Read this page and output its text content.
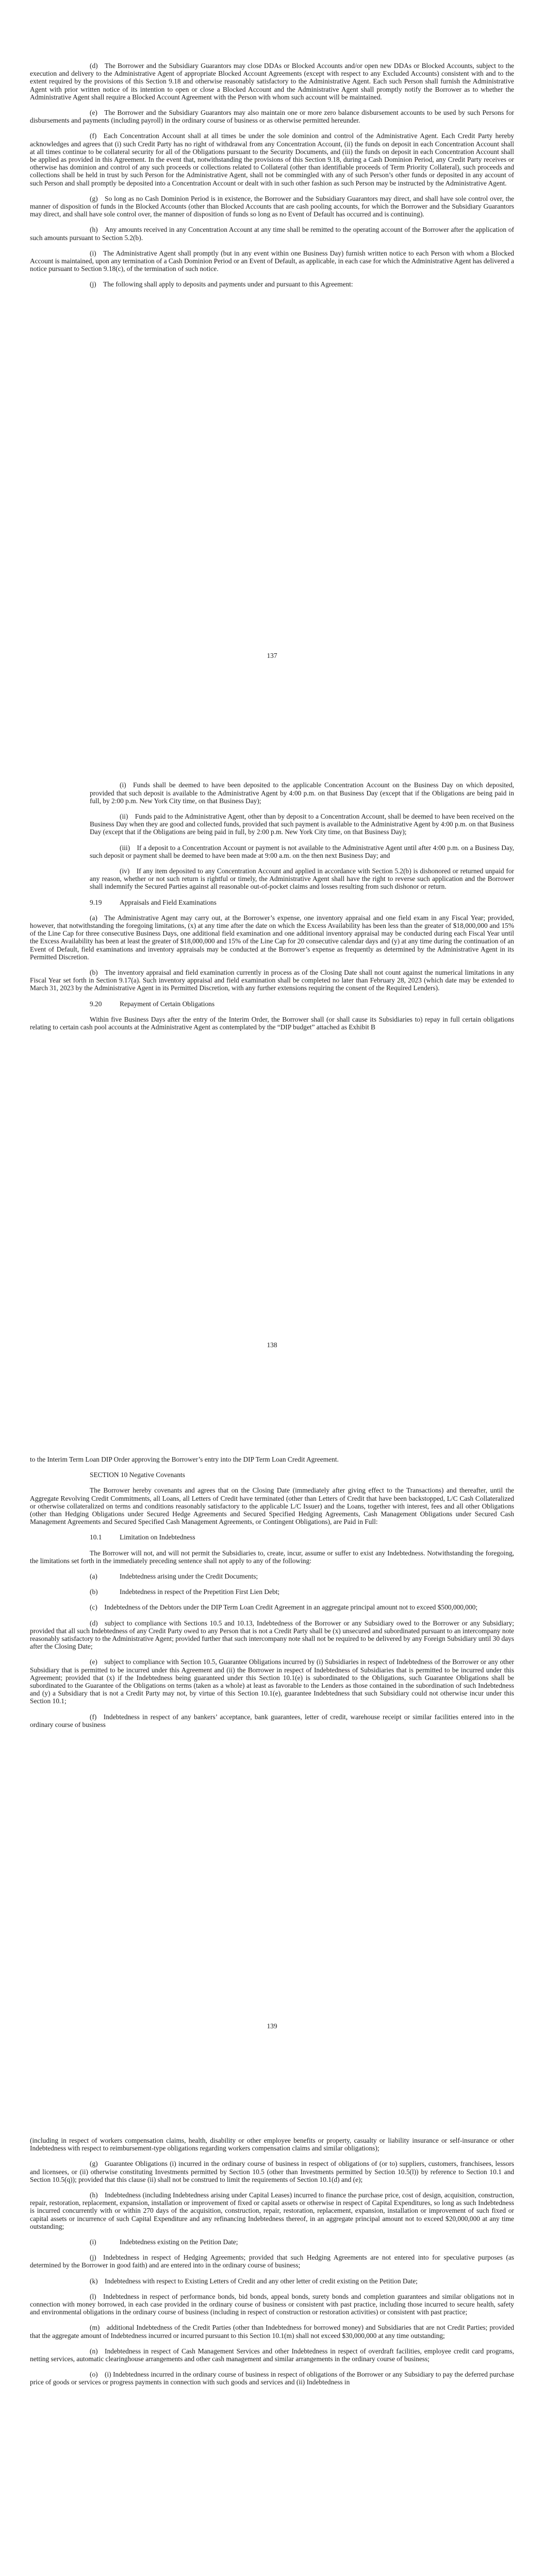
(d) The Borrower and the Subsidiary Guarantors may close DDAs or Blocked Accounts and/or open new DDAs or Blocked Accounts, subject to the execution and delivery to the Administrative Agent of appropriate Blocked Account Agreements (except with respect to any Excluded Accounts) consistent with and to the extent required by the provisions of this Section 9.18 and otherwise reasonably satisfactory to the Administrative Agent. Each such Person shall furnish the Administrative Agent with prior written notice of its intention to open or close a Blocked Account and the Administrative Agent shall promptly notify the Borrower as to whether the Administrative Agent shall require a Blocked Account Agreement with the Person with whom such account will be maintained.

(e) The Borrower and the Subsidiary Guarantors may also maintain one or more zero balance disbursement accounts to be used by such Persons for disbursements and payments (including payroll) in the ordinary course of business or as otherwise permitted hereunder.

(f) Each Concentration Account shall at all times be under the sole dominion and control of the Administrative Agent. Each Credit Party hereby acknowledges and agrees that (i) such Credit Party has no right of withdrawal from any Concentration Account, (ii) the funds on deposit in each Concentration Account shall at all times continue to be collateral security for all of the Obligations pursuant to the Security Documents, and (iii) the funds on deposit in each Concentration Account shall be applied as provided in this Agreement. In the event that, notwithstanding the provisions of this Section 9.18, during a Cash Dominion Period, any Credit Party receives or otherwise has dominion and control of any such proceeds or collections related to Collateral (other than identifiable proceeds of Term Priority Collateral), such proceeds and collections shall be held in trust by such Person for the Administrative Agent, shall not be commingled with any of such Person’s other funds or deposited in any account of such Person and shall promptly be deposited into a Concentration Account or dealt with in such other fashion as such Person may be instructed by the Administrative Agent.

(g) So long as no Cash Dominion Period is in existence, the Borrower and the Subsidiary Guarantors may direct, and shall have sole control over, the manner of disposition of funds in the Blocked Accounts (other than Blocked Accounts that are cash pooling accounts, for which the Borrower and the Subsidiary Guarantors may direct, and shall have sole control over, the manner of disposition of funds so long as no Event of Default has occurred and is continuing).

(h) Any amounts received in any Concentration Account at any time shall be remitted to the operating account of the Borrower after the application of such amounts pursuant to Section 5.2(b).

(i) The Administrative Agent shall promptly (but in any event within one Business Day) furnish written notice to each Person with whom a Blocked Account is maintained, upon any termination of a Cash Dominion Period or an Event of Default, as applicable, in each case for which the Administrative Agent has delivered a notice pursuant to Section 9.18(c), of the termination of such notice.

(j) The following shall apply to deposits and payments under and pursuant to this Agreement:

137

(i) Funds shall be deemed to have been deposited to the applicable Concentration Account on the Business Day on which deposited, provided that such deposit is available to the Administrative Agent by 4:00 p.m. on that Business Day (except that if the Obligations are being paid in full, by 2:00 p.m. New York City time, on that Business Day);

(ii) Funds paid to the Administrative Agent, other than by deposit to a Concentration Account, shall be deemed to have been received on the Business Day when they are good and collected funds, provided that such payment is available to the Administrative Agent by 4:00 p.m. on that Business Day (except that if the Obligations are being paid in full, by 2:00 p.m. New York City time, on that Business Day);

(iii) If a deposit to a Concentration Account or payment is not available to the Administrative Agent until after 4:00 p.m. on a Business Day, such deposit or payment shall be deemed to have been made at 9:00 a.m. on the then next Business Day; and

(iv) If any item deposited to any Concentration Account and applied in accordance with Section 5.2(b) is dishonored or returned unpaid for any reason, whether or not such return is rightful or timely, the Administrative Agent shall have the right to reverse such application and the Borrower shall indemnify the Secured Parties against all reasonable out-of-pocket claims and losses resulting from such dishonor or return.

9.19	Appraisals and Field Examinations

(a) The Administrative Agent may carry out, at the Borrower’s expense, one inventory appraisal and one field exam in any Fiscal Year; provided, however, that notwithstanding the foregoing limitations, (x) at any time after the date on which the Excess Availability has been less than the greater of $18,000,000 and 15% of the Line Cap for three consecutive Business Days, one additional field examination and one additional inventory appraisal may be conducted during each Fiscal Year until the Excess Availability has been at least the greater of $18,000,000 and 15% of the Line Cap for 20 consecutive calendar days and (y) at any time during the continuation of an Event of Default, field examinations and inventory appraisals may be conducted at the Borrower’s expense as frequently as determined by the Administrative Agent in its Permitted Discretion.

(b) The inventory appraisal and field examination currently in process as of the Closing Date shall not count against the numerical limitations in any Fiscal Year set forth in Section 9.17(a). Such inventory appraisal and field examination shall be completed no later than February 28, 2023 (which date may be extended to March 31, 2023 by the Administrative Agent in its Permitted Discretion, with any further extensions requiring the consent of the Required Lenders).

9.20	Repayment of Certain Obligations

Within five Business Days after the entry of the Interim Order, the Borrower shall (or shall cause its Subsidiaries to) repay in full certain obligations relating to certain cash pool accounts at the Administrative Agent as contemplated by the “DIP budget” attached as Exhibit B

138

to the Interim Term Loan DIP Order approving the Borrower’s entry into the DIP Term Loan Credit Agreement.

SECTION 10 Negative Covenants

The Borrower hereby covenants and agrees that on the Closing Date (immediately after giving effect to the Transactions) and thereafter, until the Aggregate Revolving Credit Commitments, all Loans, all Letters of Credit have terminated (other than Letters of Credit that have been backstopped, L/C Cash Collateralized or otherwise collateralized on terms and conditions reasonably satisfactory to the applicable L/C Issuer) and the Loans, together with interest, fees and all other Obligations (other than Hedging Obligations under Secured Hedge Agreements and Secured Specified Hedging Agreements, Cash Management Obligations under Secured Cash Management Agreements and Secured Specified Cash Management Agreements, or Contingent Obligations), are Paid in Full:

10.1	Limitation on Indebtedness

The Borrower will not, and will not permit the Subsidiaries to, create, incur, assume or suffer to exist any Indebtedness. Notwithstanding the foregoing, the limitations set forth in the immediately preceding sentence shall not apply to any of the following:

(a)	Indebtedness arising under the Credit Documents;
(b)	Indebtedness in respect of the Prepetition First Lien Debt;

(c) Indebtedness of the Debtors under the DIP Term Loan Credit Agreement in an aggregate principal amount not to exceed $500,000,000;

(d) subject to compliance with Sections 10.5 and 10.13, Indebtedness of the Borrower or any Subsidiary owed to the Borrower or any Subsidiary; provided that all such Indebtedness of any Credit Party owed to any Person that is not a Credit Party shall be (x) unsecured and subordinated pursuant to an intercompany note reasonably satisfactory to the Administrative Agent; provided further that such intercompany note shall not be required to be delivered by any Foreign Subsidiary until 30 days after the Closing Date;

(e) subject to compliance with Section 10.5, Guarantee Obligations incurred by (i) Subsidiaries in respect of Indebtedness of the Borrower or any other Subsidiary that is permitted to be incurred under this Agreement and (ii) the Borrower in respect of Indebtedness of Subsidiaries that is permitted to be incurred under this Agreement; provided that (x) if the Indebtedness being guaranteed under this Section 10.1(e) is subordinated to the Obligations, such Guarantee Obligations shall be subordinated to the Guarantee of the Obligations on terms (taken as a whole) at least as favorable to the Lenders as those contained in the subordination of such Indebtedness and (y) a Subsidiary that is not a Credit Party may not, by virtue of this Section 10.1(e), guarantee Indebtedness that such Subsidiary could not otherwise incur under this Section 10.1;

(f) Indebtedness in respect of any bankers’ acceptance, bank guarantees, letter of credit, warehouse receipt or similar facilities entered into in the ordinary course of business

139

(including in respect of workers compensation claims, health, disability or other employee benefits or property, casualty or liability insurance or self-insurance or other Indebtedness with respect to reimbursement-type obligations regarding workers compensation claims and similar obligations);

(g) Guarantee Obligations (i) incurred in the ordinary course of business in respect of obligations of (or to) suppliers, customers, franchisees, lessors and licensees, or (ii) otherwise constituting Investments permitted by Section 10.5 (other than Investments permitted by Section 10.5(l)) by reference to Section 10.1 and Section 10.5(q)); provided that this clause (ii) shall not be construed to limit the requirements of Section 10.1(d) and (e);

(h) Indebtedness (including Indebtedness arising under Capital Leases) incurred to finance the purchase price, cost of design, acquisition, construction, repair, restoration, replacement, expansion, installation or improvement of fixed or capital assets or otherwise in respect of Capital Expenditures, so long as such Indebtedness is incurred concurrently with or within 270 days of the acquisition, construction, repair, restoration, replacement, expansion, installation or improvement of such fixed or capital assets or incurrence of such Capital Expenditure and any refinancing Indebtedness thereof, in an aggregate principal amount not to exceed $20,000,000 at any time outstanding;

(i)	Indebtedness existing on the Petition Date;

(j) Indebtedness in respect of Hedging Agreements; provided that such Hedging Agreements are not entered into for speculative purposes (as determined by the Borrower in good faith) and are entered into in the ordinary course of business;

(k) Indebtedness with respect to Existing Letters of Credit and any other letter of credit existing on the Petition Date;

(l) Indebtedness in respect of performance bonds, bid bonds, appeal bonds, surety bonds and completion guarantees and similar obligations not in connection with money borrowed, in each case provided in the ordinary course of business or consistent with past practice, including those incurred to secure health, safety and environmental obligations in the ordinary course of business (including in respect of construction or restoration activities) or consistent with past practice;

(m) additional Indebtedness of the Credit Parties (other than Indebtedness for borrowed money) and Subsidiaries that are not Credit Parties; provided that the aggregate amount of Indebtedness incurred or incurred pursuant to this Section 10.1(m) shall not exceed $30,000,000 at any time outstanding;

(n) Indebtedness in respect of Cash Management Services and other Indebtedness in respect of overdraft facilities, employee credit card programs, netting services, automatic clearinghouse arrangements and other cash management and similar arrangements in the ordinary course of business;

(o) (i) Indebtedness incurred in the ordinary course of business in respect of obligations of the Borrower or any Subsidiary to pay the deferred purchase price of goods or services or progress payments in connection with such goods and services and (ii) Indebtedness in
